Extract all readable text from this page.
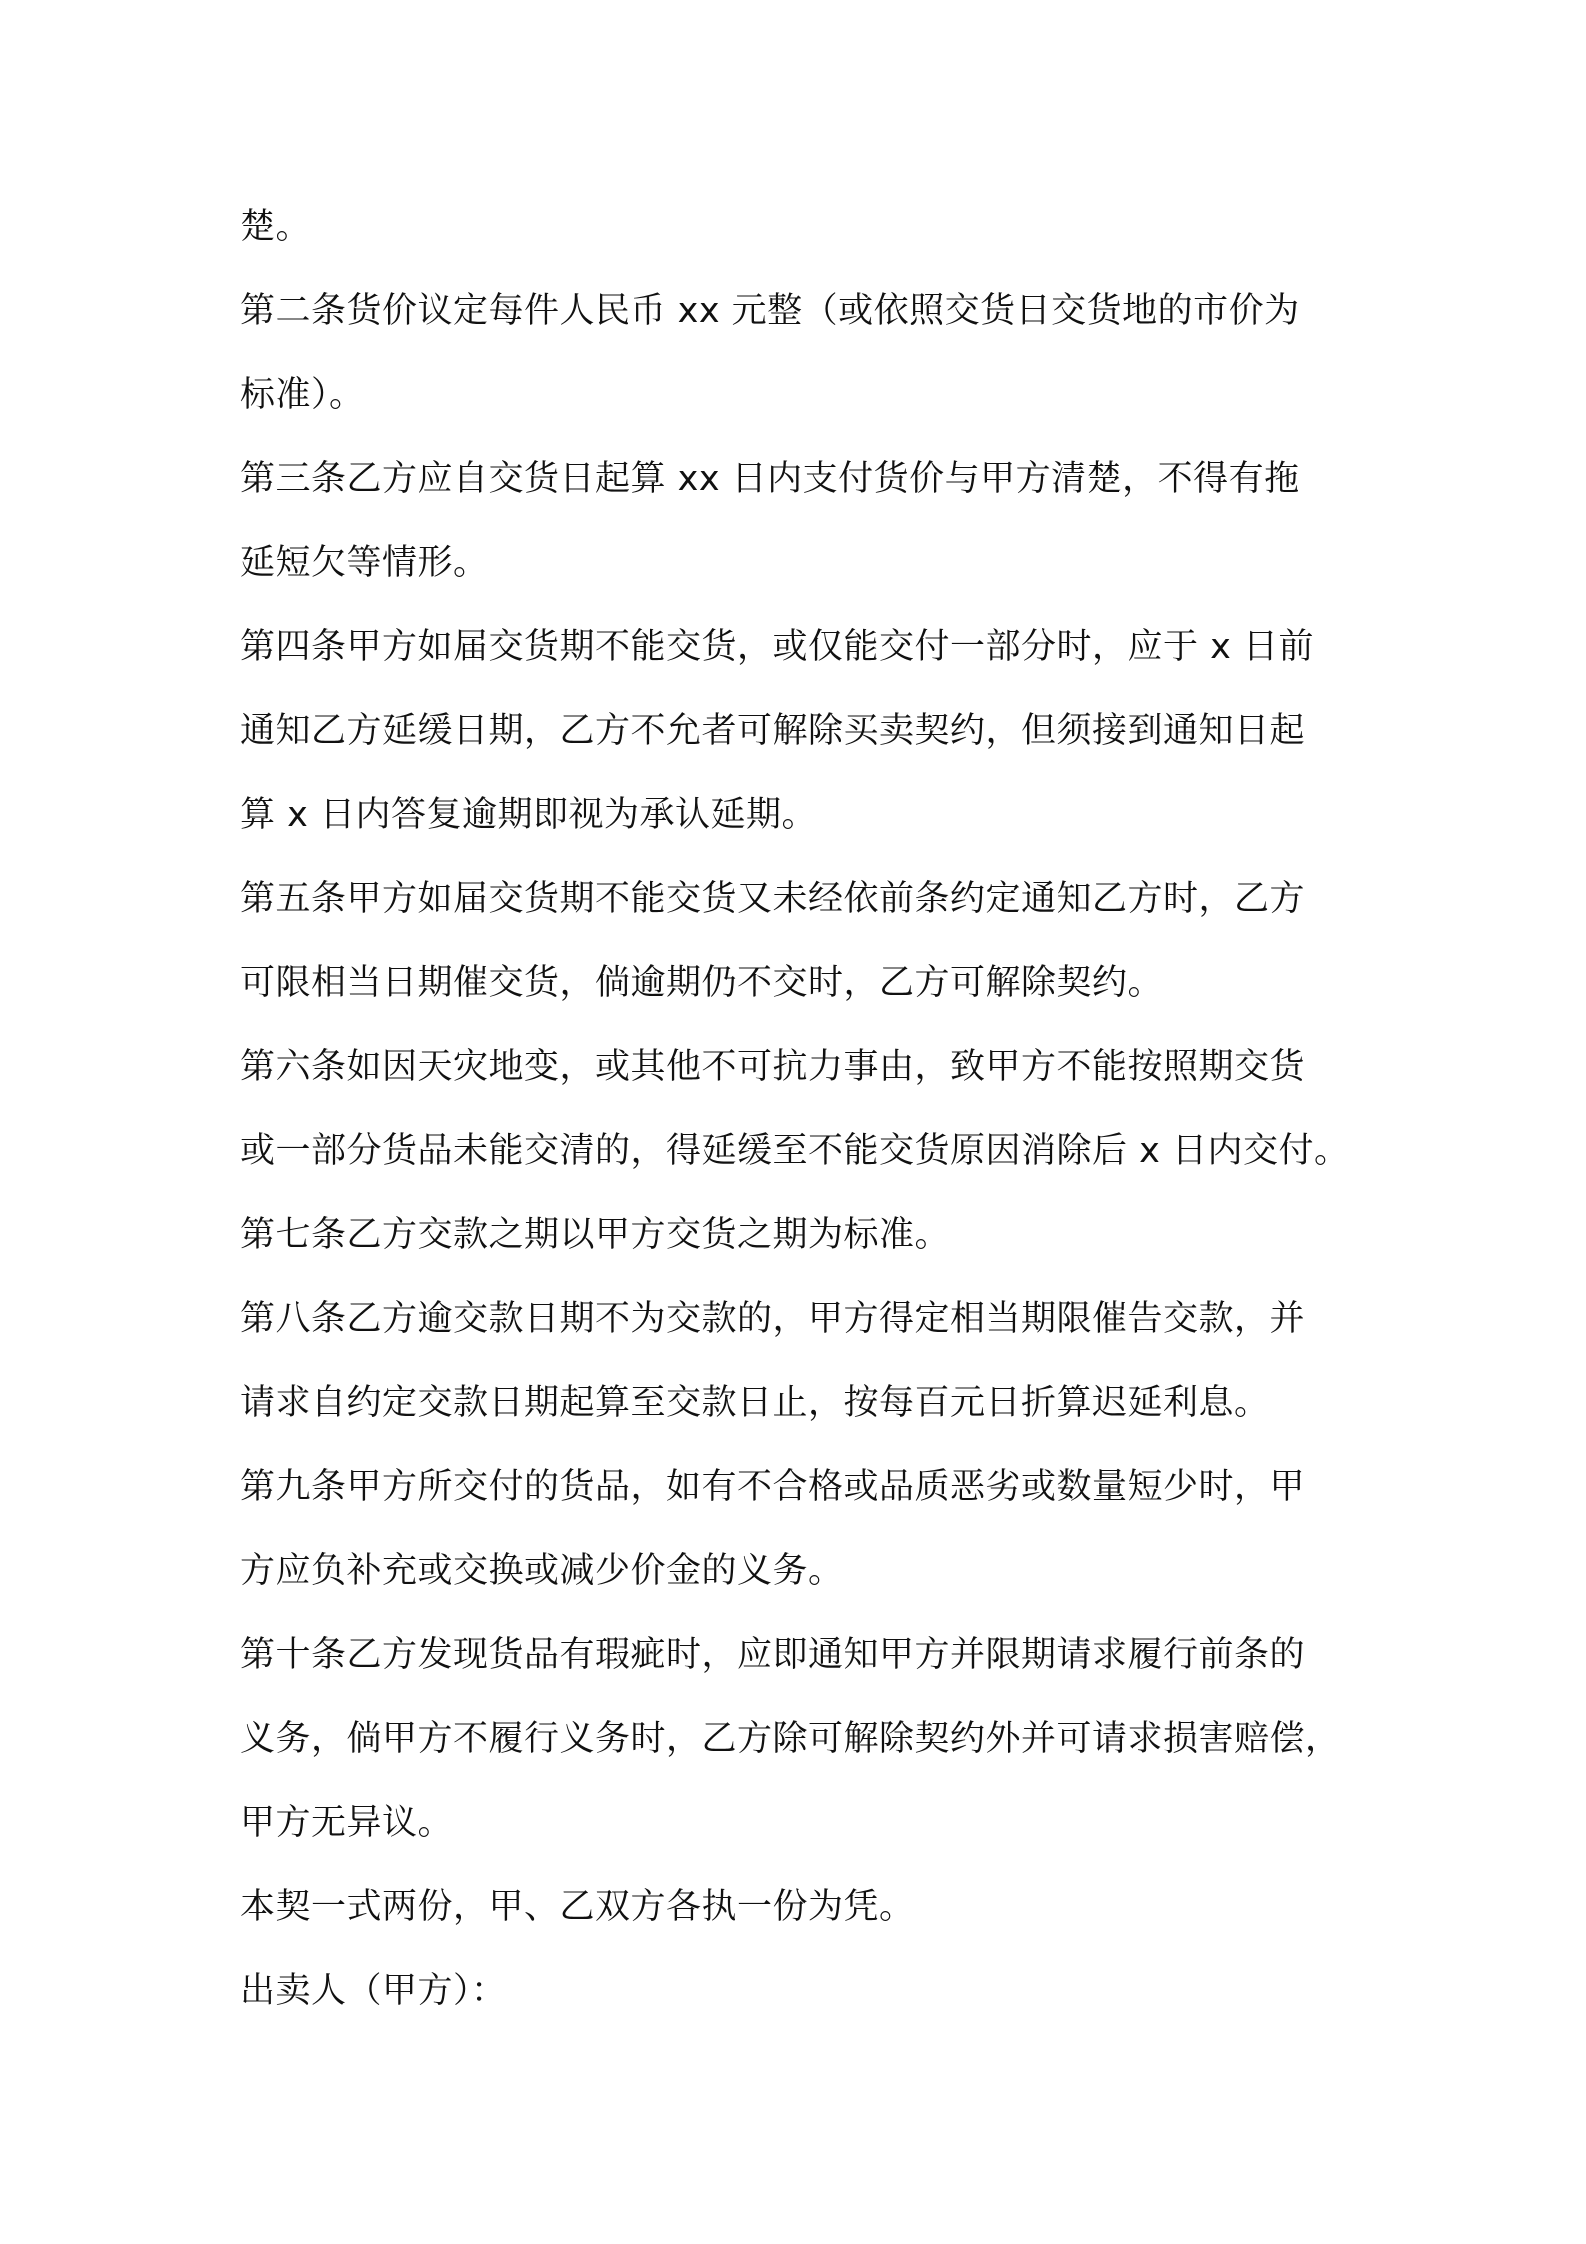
楚。
第二条货价议定每件人民币 xx 元整（或依照交货日交货地的市价为
标准）。
第三条乙方应自交货日起算 xx 日内支付货价与甲方清楚，不得有拖
延短欠等情形。
第四条甲方如届交货期不能交货，或仅能交付一部分时，应于 x 日前
通知乙方延缓日期，乙方不允者可解除买卖契约，但须接到通知日起
算 x 日内答复逾期即视为承认延期。
第五条甲方如届交货期不能交货又未经依前条约定通知乙方时，乙方
可限相当日期催交货，倘逾期仍不交时，乙方可解除契约。
第六条如因天灾地变，或其他不可抗力事由，致甲方不能按照期交货
或一部分货品未能交清的，得延缓至不能交货原因消除后 x 日内交付。
第七条乙方交款之期以甲方交货之期为标准。
第八条乙方逾交款日期不为交款的，甲方得定相当期限催告交款，并
请求自约定交款日期起算至交款日止，按每百元日折算迟延利息。
第九条甲方所交付的货品，如有不合格或品质恶劣或数量短少时，甲
方应负补充或交换或减少价金的义务。
第十条乙方发现货品有瑕疵时，应即通知甲方并限期请求履行前条的
义务，倘甲方不履行义务时，乙方除可解除契约外并可请求损害赔偿，
甲方无异议。
本契一式两份，甲、乙双方各执一份为凭。
出卖人（甲方）：
